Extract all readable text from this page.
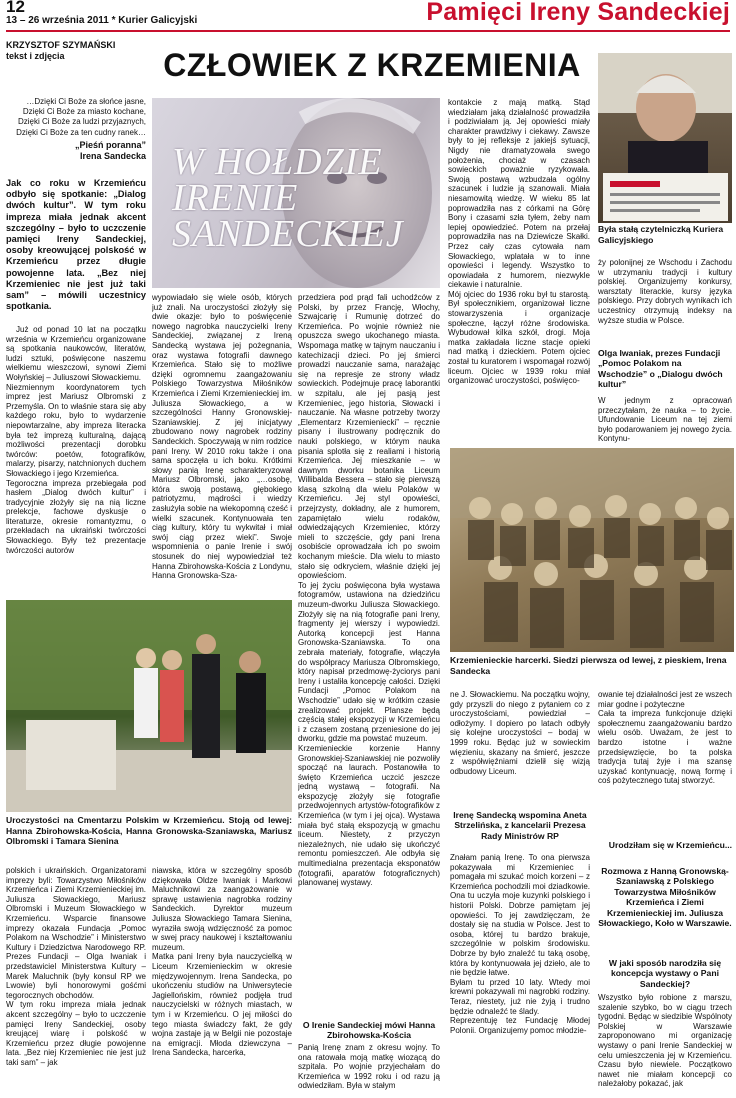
12
13 – 26 września 2011 * Kurier Galicyjski	Pamięci Ireny Sandeckiej
KRZYSZTOF SZYMAŃSKI
tekst i zdjęcia
…Dzięki Ci Boże za słońce jasne,
Dzięki Ci Boże za miasto kochane,
Dzięki Ci Boże za ludzi przyjaznych,
Dzięki Ci Boże za ten cudny ranek…
„Pieśń poranna”
Irena Sandecka
Jak co roku w Krzemieńcu odbyło się spotkanie: „Dialog dwóch kultur”. W tym roku impreza miała jednak akcent szczególny – było to uczczenie pamięci Ireny Sandeckiej, osoby kreowującej polskość w Krzemieńcu przez długie powojenne lata. „Bez niej Krzemieniec nie jest już taki sam” – mówili uczestnicy spotkania.
Już od ponad 10 lat na początku września w Krzemieńcu organizowane są spotkania naukowców, literatów, ludzi sztuki, poświęcone naszemu wielkiemu wieszczowi, synowi Ziemi Wołyńskiej – Juliuszowi Słowackiemu.
Niezmiennym koordynatorem tych imprez jest Mariusz Olbromski z Przemyśla. On to właśnie stara się aby każdego roku, było to wydarzenie niepowtarzalne, aby impreza literacka była też imprezą kulturalną, dającą możliwości prezentacji dorobku twórców: poetów, fotografików, malarzy, pisarzy, natchnionych duchem Słowackiego i jego Krzemieńca.
Tegoroczna impreza przebiegała pod hasłem „Dialog dwóch kultur” i tradycyjnie złożyły się na nią liczne prelekcje, fachowe dyskusje o literaturze, okresie romantyzmu, o przekładach na ukraiński twórczości Słowackiego. Były też prezentacje twórczości autorów
CZŁOWIEK Z KRZEMIENIA
W HOŁDZIE
IRENIE
SANDECKIEJ
wypowiadało się wiele osób, których już znali. Na uroczystości złożyły się dwie okazje: było to poświęcenie nowego nagrobka nauczycielki Ireny Sandeckiej, związanej z Ireną Sandecką wystawa jej pożegnania, oraz wystawa fotografii dawnego Krzemieńca. Stało się to możliwe dzięki ogromnemu zaangażowaniu Polskiego Towarzystwa Miłośników Krzemieńca i Ziemi Krzemienieckiej im. Juliusza Słowackiego, a w szczególności Hanny Gronowskiej-Szaniawskiej. Z jej inicjatywy zbudowano nowy nagrobek rodziny Sandeckich. Spoczywają w nim rodzice pani Ireny. W 2010 roku także i ona sama spoczęła u ich boku. Krótkimi słowy panią Irenę scharakteryzował Mariusz Olbromski, jako „…osobę, która swoją postawą, głębokiego patriotyzmu, mądrości i wiedzy zasłużyła sobie na wiekopomną cześć i wielki szacunek. Kontynuowała ten ciąg kultury, który tu wykwitał i miał swój ciąg przez wieki”. Swoje wspomnienia o panie Irenie i swój stosunek do niej wypowiedział też Hanna Zbirohowska-Kościa z Londynu, Hanna Gronowska-Sza-
przedziera pod prąd fali uchodźców z Polski, by przez Francję, Włochy, Szwajcarię i Rumunię dotrzeć do Krzemieńca. Po wojnie również nie opuszcza swego ukochanego miasta. Wspomaga matkę w tajnym nauczaniu i katechizacji dzieci. Po jej śmierci prowadzi nauczanie sama, narażając się na represje ze strony władz sowieckich. Podejmuje pracę laborantki w szpitalu, ale jej pasją jest Krzemieniec, jego historia, Słowacki i nauczanie. Na własne potrzeby tworzy „Elementarz Krzemieniecki” – ręcznie pisany i ilustrowany podręcznik do nauki polskiego, w którym nauka pisania splotła się z realiami i historią Krzemieńca. Jej mieszkanie – w dawnym dworku botanika Liceum Willibalda Bessera – stało się pierwszą klasą szkolną dla wielu Polaków w Krzemieńcu. Jej styl opowieści, przejrzysty, dokładny, ale z humorem, zapamiętało wielu rodaków, odwiedzających Krzemieniec, którzy mieli to szczęście, gdy pani Irena osobiście oprowadzała ich po swoim kochanym mieście. Dla wielu to miasto stało się odkryciem, właśnie dzięki jej opowieściom.
To jej życiu poświęcona była wystawa fotogramów, ustawiona na dziedzińcu muzeum-dworku Juliusza Słowackiego. Złożyły się na nią fotografie pani Ireny, fragmenty jej wierszy i wypowiedzi. Autorką koncepcji jest Hanna Gronowska-Szaniawska. To ona zebrała materiały, fotografie, włączyła do współpracy Mariusza Olbromskiego, który napisał przedmowę-życiorys pani Ireny i ustaliła koncepcję całości. Dzięki Fundacji „Pomoc Polakom na Wschodzie” udało się w krótkim czasie zrealizować projekt. Plansze będą częścią stałej ekspozycji w Krzemieńcu i z czasem zostaną przeniesione do jej dworku, gdzie ma powstać muzeum.
Krzemienieckie korzenie Hanny Gronowskiej-Szaniawskiej nie pozwoliły spocząć na laurach. Postanowiła to święto Krzemieńca uczcić jeszcze jedną wystawą – fotografii. Na ekspozycję złożyły się fotografie przedwojennych artystów-fotografików z Krzemieńca (w tym i jej ojca). Wystawa miała być stałą ekspozycją w gmachu liceum. Niestety, z przyczyn niezależnych, nie udało się ukończyć remontu pomieszczeń. Ale odbyła się multimedialna prezentacja eksponatów (fotografii, aparatów fotograficznych) planowanej wystawy.
O Irenie Sandeckiej mówi Hanna Zbirohowska-Kościa
Panią Irenę znam z okresu wojny. To ona ratowała moją matkę wiozącą do szpitala. Po wojnie przyjechałam do Krzemieńca w 1992 roku i od razu ją odwiedziłam. Była w stałym
kontakcie z mają matką. Stąd wiedziałam jaką działalność prowadziła i podziwiałam ją. Jej opowieści miały charakter prawdziwy i ciekawy. Zawsze były to jej refleksje z jakiejś sytuacji, Nigdy nie dramatyzowała swego położenia, chociaż w czasach sowieckich poważnie ryzykowała. Swoją postawą wzbudzała ogólny szacunek i ludzie ją szanowali. Miała niesamowitą wiedzę. W wieku 85 lat poprowadziła nas z córkami na Górę Bony i czasami szła tyłem, żeby nam lepiej opowiedzieć. Potem na przełaj poprowadziła nas na Dziewicze Skałki. Przez cały czas cytowała nam Słowackiego, wplatała w to inne opowieści i legendy. Wszystko to opowiadała z humorem, niezwykle ciekawie i naturalnie.
Mój ojciec do 1936 roku był tu starostą. Był społecznikiem, organizował liczne stowarzyszenia i organizacje społeczne, łączył różne środowiska. Wybudował kilka szkół, drogi. Moja matka zakładała liczne stacje opieki nad matką i dzieckiem. Potem ojciec został tu kuratorem i wspomagał rozwój liceum. Ojciec w 1939 roku miał organizować uroczystości, poświęco-
Była stałą czytelniczką Kuriera Galicyjskiego
ży polonijnej ze Wschodu i Zachodu w utrzymaniu tradycji i kultury polskiej. Organizujemy konkursy, warsztaty literackie, kursy języka polskiego. Przy dobrych wynikach ich uczestnicy otrzymują indeksy na wyższe studia w Polsce.
Olga Iwaniak, prezes Fundacji „Pomoc Polakom na Wschodzie” o „Dialogu dwóch kultur”
W jednym z opracowań przeczytałam, że nauka – to życie. Ufundowanie Liceum na tej ziemi było podarowaniem jej nowego życia. Kontynu-
Krzemienieckie harcerki. Siedzi pierwsza od lewej, z pieskiem, Irena Sandecka
Uroczystości na Cmentarzu Polskim w Krzemieńcu. Stoją od lewej: Hanna Zbirohowska-Kościa, Hanna Gronowska-Szaniawska, Mariusz Olbromski i Tamara Sienina
polskich i ukraińskich. Organizatorami imprezy byli: Towarzystwo Miłośników Krzemieńca i Ziemi Krzemienieckiej im. Juliusza Słowackiego, Mariusz Olbromski i Muzeum Słowackiego w Krzemieńcu. Wsparcie finansowe imprezy okazała Fundacja „Pomoc Polakom na Wschodzie” i Ministerstwo Kultury i Dziedzictwa Narodowego RP. Prezes Fundacji – Olga Iwaniak i przedstawiciel Ministerstwa Kultury – Marek Maluchnik (były konsul RP we Lwowie) byli honorowymi gośćmi tegorocznych obchodów.
W tym roku impreza miała jednak akcent szczególny – było to uczczenie pamięci Ireny Sandeckiej, osoby kreującej wiarę i polskość w Krzemieńcu przez długie powojenne lata. „Bez niej Krzemieniec nie jest już taki sam” – jak
niawska, która w szczególny sposób dziękowała Oldze Iwaniak i Markowi Maluchnikowi za zaangażowanie w sprawę ustawienia nagrobka rodziny Sandeckich. Dyrektor muzeum Juliusza Słowackiego Tamara Sienina, wyraziła swoją wdzięczność za pomoc w swej pracy naukowej i kształtowaniu muzeum.
Matka pani Ireny była nauczycielką w Liceum Krzemienieckim w okresie międzywojennym. Irena Sandecka, po ukończeniu studiów na Uniwersytecie Jagiellońskim, również podjęła trud nauczycielski w różnych miastach, w tym i w Krzemieńcu. O jej miłości do tego miasta świadczy fakt, że gdy wojna zastaje ją w Belgii nie pozostaje na emigracji. Młoda dziewczyna – Irena Sandecka, harcerka,
ne J. Słowackiemu. Na początku wojny, gdy przyszli do niego z pytaniem co z uroczystościami, powiedział – odłożymy. I dopiero po latach odbyły się kolejne uroczystości – bodaj w 1999 roku. Będąc już w sowieckim więzieniu, skazany na śmierć, jeszcze z współwięźniami dzielił się wizją odbudowy Liceum.
Irenę Sandecką wspomina Aneta Strzelińska, z kancelarii Prezesa Rady Ministrów RP
Znałam panią Irenę. To ona pierwsza pokazywała mi Krzemieniec i pomagała mi szukać moich korzeni – z Krzemieńca pochodzili moi dziadkowie. Ona tu uczyła moje kuzynki polskiego i historii Polski. Dobrze pamiętam jej opowieści. To jej zawdzięczam, że dostały się na studia w Polsce. Jest to osoba, której tu bardzo brakuje, szczególnie w polskim środowisku. Dobrze by było znaleźć tu taką osobę, która by kontynuowała jej dzieło, ale to nie będzie łatwe.
Byłam tu przed 10 laty. Wtedy moi krewni pokazywali mi nagrobki rodziny. Teraz, niestety, już nie żyją i trudno będzie odnaleźć te ślady.
Reprezentuję tez Fundację Młodej Polonii. Organizujemy pomoc młodzie-
owanie tej działalności jest ze wszech miar godne i pożyteczne
Cała ta impreza funkcjonuje dzięki społecznemu zaangażowaniu bardzo wielu osób. Uważam, że jest to bardzo istotne i ważne przedsięwzięcie, bo ta polska tradycja tutaj żyje i ma szansę uzyskać kontynuację, nową formę i coś pożytecznego tutaj stworzyć.
Urodziłam się w Krzemieńcu...
Rozmowa z Hanną Gronowską-Szaniawską z Polskiego Towarzystwa Miłośników Krzemieńca i Ziemi Krzemienieckiej im. Juliusza Słowackiego, Koło w Warszawie.
W jaki sposób narodziła się koncepcja wystawy o Pani Sandeckiej?
Wszystko było robione z marszu, szalenie szybko, bo w ciągu trzech tygodni. Będąc w siedzibie Wspólnoty Polskiej w Warszawie zaproponowano mi organizację wystawy o pani Irenie Sandeckiej w celu umieszczenia jej w Krzemieńcu. Czasu było niewiele. Początkowo nawet nie miałam koncepcji co należałoby pokazać, jak
